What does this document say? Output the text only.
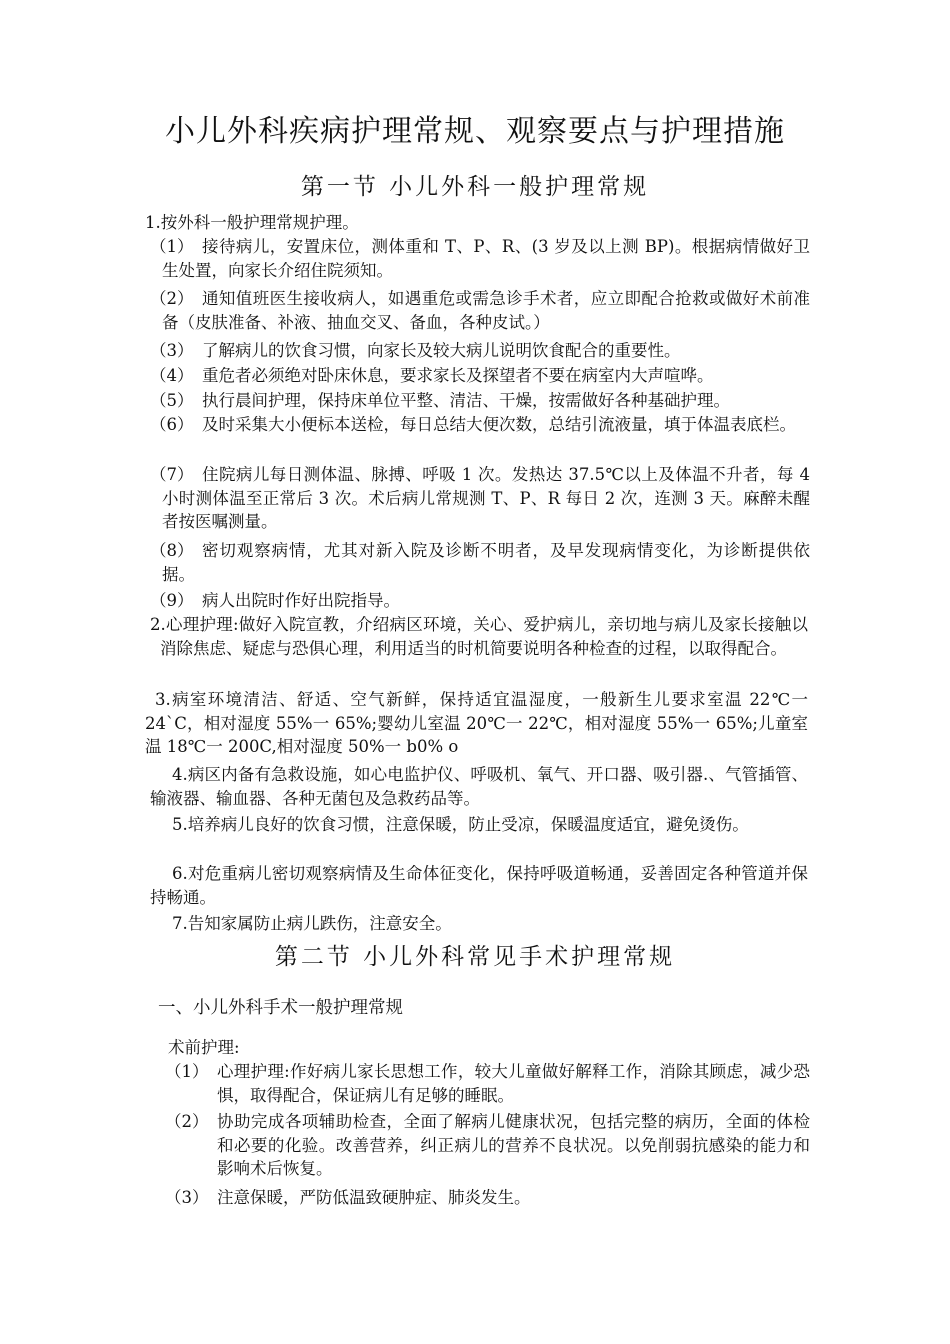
小儿外科疾病护理常规、观察要点与护理措施
第一节 小儿外科一般护理常规
1.按外科一般护理常规护理。
（1） 接待病儿，安置床位，测体重和 T、P、R、(3 岁及以上测 BP)。根据病情做好卫生处置，向家长介绍住院须知。
（2） 通知值班医生接收病人，如遇重危或需急诊手术者，应立即配合抢救或做好术前准备（皮肤准备、补液、抽血交叉、备血，各种皮试。）
（3） 了解病儿的饮食习惯，向家长及较大病儿说明饮食配合的重要性。
（4） 重危者必须绝对卧床休息，要求家长及探望者不要在病室内大声喧哗。
（5） 执行晨间护理，保持床单位平整、清洁、干燥，按需做好各种基础护理。
（6） 及时采集大小便标本送检，每日总结大便次数，总结引流液量，填于体温表底栏。
（7） 住院病儿每日测体温、脉搏、呼吸 1 次。发热达 37.5℃以上及体温不升者，每 4 小时测体温至正常后 3 次。术后病儿常规测 T、P、R 每日 2 次，连测 3 天。麻醉未醒者按医嘱测量。
（8） 密切观察病情，尤其对新入院及诊断不明者，及早发现病情变化，为诊断提供依据。
（9） 病人出院时作好出院指导。
2.心理护理:做好入院宣教，介绍病区环境，关心、爱护病儿，亲切地与病儿及家长接触以消除焦虑、疑虑与恐俱心理，利用适当的时机简要说明各种检查的过程，以取得配合。
3.病室环境清洁、舒适、空气新鲜，保持适宜温湿度，一般新生儿要求室温 22℃一 24`C，相对湿度 55%一 65%;婴幼儿室温 20℃一 22℃，相对湿度 55%一 65%;儿童室温 18℃一 200C,相对湿度 50%一 b0% o
4.病区内备有急救设施，如心电监护仪、呼吸机、氧气、开口器、吸引器.、气管插管、输液器、输血器、各种无菌包及急救药品等。
5.培养病儿良好的饮食习惯，注意保暖，防止受凉，保暖温度适宜，避免烫伤。
6.对危重病儿密切观察病情及生命体征变化，保持呼吸道畅通，妥善固定各种管道并保持畅通。
7.告知家属防止病儿跌伤，注意安全。
第二节 小儿外科常见手术护理常规
一、小儿外科手术一般护理常规
术前护理:
（1） 心理护理:作好病儿家长思想工作，较大儿童做好解释工作，消除其顾虑，减少恐惧，取得配合，保证病儿有足够的睡眠。
（2） 协助完成各项辅助检查，全面了解病儿健康状况，包括完整的病历，全面的体检和必要的化验。改善营养，纠正病儿的营养不良状况。以免削弱抗感染的能力和影响术后恢复。
（3） 注意保暖，严防低温致硬肿症、肺炎发生。
